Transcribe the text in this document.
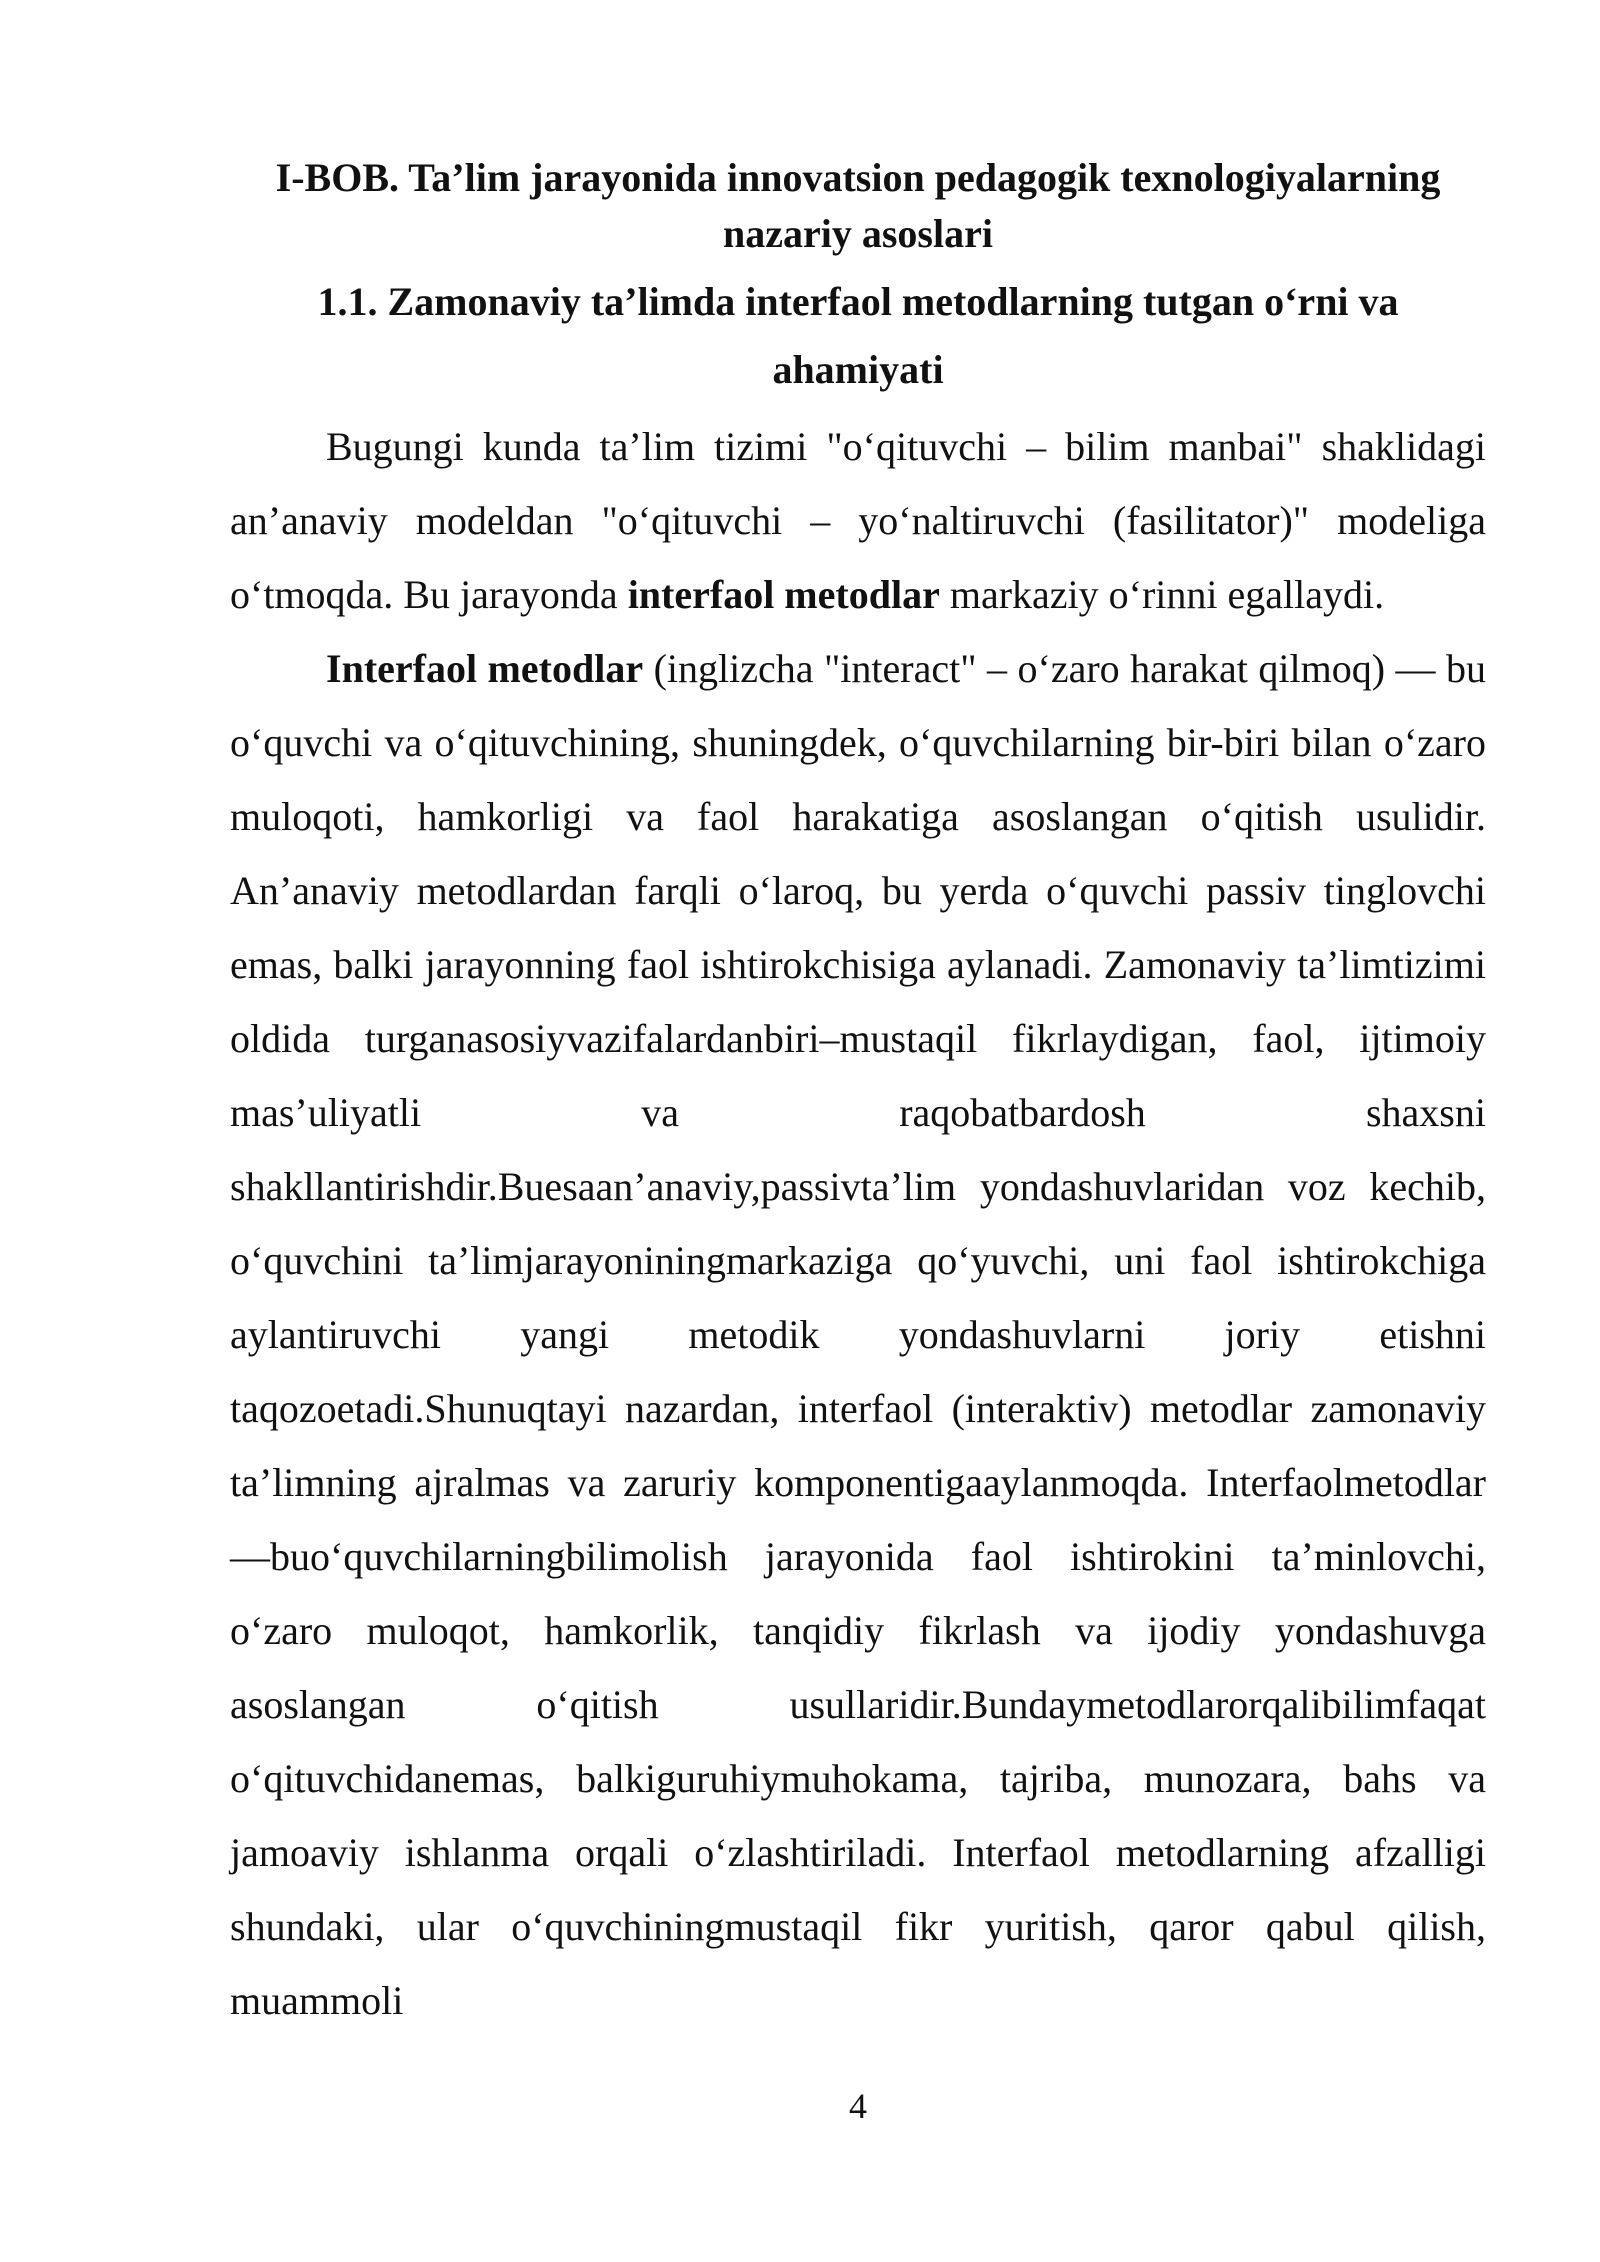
I-BOB. Ta’lim jarayonida innovatsion pedagogik texnologiyalarning

nazariy asoslari

1.1. Zamonaviy ta’limda interfaol metodlarning tutgan o‘rni va

ahamiyati

Bugungi kunda ta’lim tizimi "o‘qituvchi – bilim manbai" shaklidagi an’anaviy modeldan "o‘qituvchi – yo‘naltiruvchi (fasilitator)" modeliga o‘tmoqda. Bu jarayonda interfaol metodlar markaziy o‘rinni egallaydi.

Interfaol metodlar (inglizcha "interact" – o‘zaro harakat qilmoq) — bu o‘quvchi va o‘qituvchining, shuningdek, o‘quvchilarning bir-biri bilan o‘zaro muloqoti, hamkorligi va faol harakatiga asoslangan o‘qitish usulidir. An’anaviy metodlardan farqli o‘laroq, bu yerda o‘quvchi passiv tinglovchi emas, balki jarayonning faol ishtirokchisiga aylanadi. Zamonaviy ta’limtizimi oldida turganasosiyvazifalardanbiri–mustaqil fikrlaydigan, faol, ijtimoiy mas’uliyatli va raqobatbardosh shaxsni shakllantirishdir.Buesaan’anaviy,passivta’lim yondashuvlaridan voz kechib, o‘quvchini ta’limjarayoniningmarkaziga qo‘yuvchi, uni faol ishtirokchiga aylantiruvchi yangi metodik yondashuvlarni joriy etishni taqozoetadi.Shunuqtayi nazardan, interfaol (interaktiv) metodlar zamonaviy ta’limning ajralmas va zaruriy komponentigaaylanmoqda. Interfaolmetodlar—buo‘quvchilarningbilimolish jarayonida faol ishtirokini ta’minlovchi, o‘zaro muloqot, hamkorlik, tanqidiy fikrlash va ijodiy yondashuvga asoslangan o‘qitish usullaridir.Bundaymetodlarorqalibilimfaqat o‘qituvchidanemas, balkiguruhiymuhokama, tajriba, munozara, bahs va jamoaviy ishlanma orqali o‘zlashtiriladi. Interfaol metodlarning afzalligi shundaki, ular o‘quvchiningmustaqil fikr yuritish, qaror qabul qilish, muammoli

4
